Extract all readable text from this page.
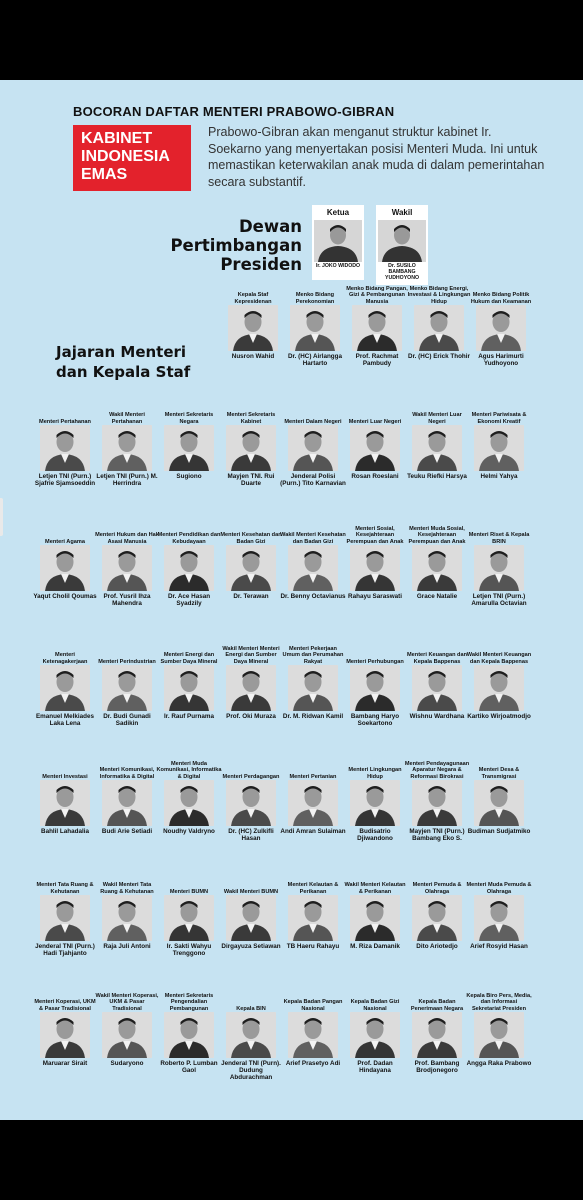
BOCORAN DAFTAR MENTERI PRABOWO-GIBRAN
KABINET
INDONESIA
EMAS
Prabowo-Gibran akan menganut struktur kabinet Ir. Soekarno yang menyertakan posisi Menteri Muda. Ini untuk memastikan keterwakilan anak muda di dalam pemerintahan secara substantif.
Dewan
Pertimbangan
Presiden
Ketua
Ir. JOKO WIDODO
Wakil
Dr. SUSILO BAMBANG YUDHOYONO
Jajaran Menteri
dan Kepala Staf
Kepala Staf Kepresidenan
Nusron Wahid
Menko Bidang Perekonomian
Dr. (HC) Airlangga Hartarto
Menko Bidang Pangan, Gizi & Pembangunan Manusia
Prof. Rachmat Pambudy
Menko Bidang Energi, Investasi & Lingkungan Hidup
Dr. (HC) Erick Thohir
Menko Bidang Politik Hukum dan Keamanan
Agus Harimurti Yudhoyono
Menteri Pertahanan
Letjen TNI (Purn.) Sjafrie Sjamsoeddin
Wakil Menteri Pertahanan
Letjen TNI (Purn.) M. Herrindra
Menteri Sekretaris Negara
Sugiono
Menteri Sekretaris Kabinet
Mayjen TNI. Rui Duarte
Menteri Dalam Negeri
Jenderal Polisi (Purn.) Tito Karnavian
Menteri Luar Negeri
Rosan Roeslani
Wakil Menteri Luar Negeri
Teuku Riefki Harsya
Menteri Pariwisata & Ekonomi Kreatif
Helmi Yahya
Menteri Agama
Yaqut Cholil Qoumas
Menteri Hukum dan Hak Asasi Manusia
Prof. Yusril Ihza Mahendra
Menteri Pendidikan dan Kebudayaan
Dr. Ace Hasan Syadzily
Menteri Kesehatan dan Badan Gizi
Dr. Terawan
Wakil Menteri Kesehatan dan Badan Gizi
Dr. Benny Octavianus
Menteri Sosial, Kesejahteraan Perempuan dan Anak
Rahayu Saraswati
Menteri Muda Sosial, Kesejahteraan Perempuan dan Anak
Grace Natalie
Menteri Riset & Kepala BRIN
Letjen TNI (Purn.) Amarulla Octavian
Menteri Ketenagakerjaan
Emanuel Melkiades Laka Lena
Menteri Perindustrian
Dr. Budi Gunadi Sadikin
Menteri Energi dan Sumber Daya Mineral
Ir. Rauf Purnama
Wakil Menteri Menteri Energi dan Sumber Daya Mineral
Prof. Oki Muraza
Menteri Pekerjaan Umum dan Perumahan Rakyat
Dr. M. Ridwan Kamil
Menteri Perhubungan
Bambang Haryo Soekartono
Menteri Keuangan dan Kepala Bappenas
Wishnu Wardhana
Wakil Menteri Keuangan dan Kepala Bappenas
Kartiko Wirjoatmodjo
Menteri Investasi
Bahlil Lahadalia
Menteri Komunikasi, Informatika & Digital
Budi Arie Setiadi
Menteri Muda Komunikasi, Informatika & Digital
Noudhy Valdryno
Menteri Perdagangan
Dr. (HC) Zulkifli Hasan
Menteri Pertanian
Andi Amran Sulaiman
Menteri Lingkungan Hidup
Budisatrio Djiwandono
Menteri Pendayagunaan Aparatur Negara & Reformasi Birokrasi
Mayjen TNI (Purn.) Bambang Eko S.
Menteri Desa & Transmigrasi
Budiman Sudjatmiko
Menteri Tata Ruang & Kehutanan
Jenderal TNI (Purn.) Hadi Tjahjanto
Wakil Menteri Tata Ruang & Kehutanan
Raja Juli Antoni
Menteri BUMN
Ir. Sakti Wahyu Trenggono
Wakil Menteri BUMN
Dirgayuza Setiawan
Menteri Kelautan & Perikanan
TB Haeru Rahayu
Wakil Menteri Kelautan & Perikanan
M. Riza Damanik
Menteri Pemuda & Olahraga
Dito Ariotedjo
Menteri Muda Pemuda & Olahraga
Arief Rosyid Hasan
Menteri Koperasi, UKM & Pasar Tradisional
Maruarar Sirait
Wakil Menteri Koperasi, UKM & Pasar Tradisional
Sudaryono
Menteri Sekretaris Pengendalian Pembangunan
Roberto P. Lumban Gaol
Kepala BIN
Jenderal TNI (Purn). Dudung Abdurachman
Kepala Badan Pangan Nasional
Arief Prasetyo Adi
Kepala Badan Gizi Nasional
Prof. Dadan Hindayana
Kepala Badan Penerimaan Negara
Prof. Bambang Brodjonegoro
Kepala Biro Pers, Media, dan Informasi Sekretariat Presiden
Angga Raka Prabowo
